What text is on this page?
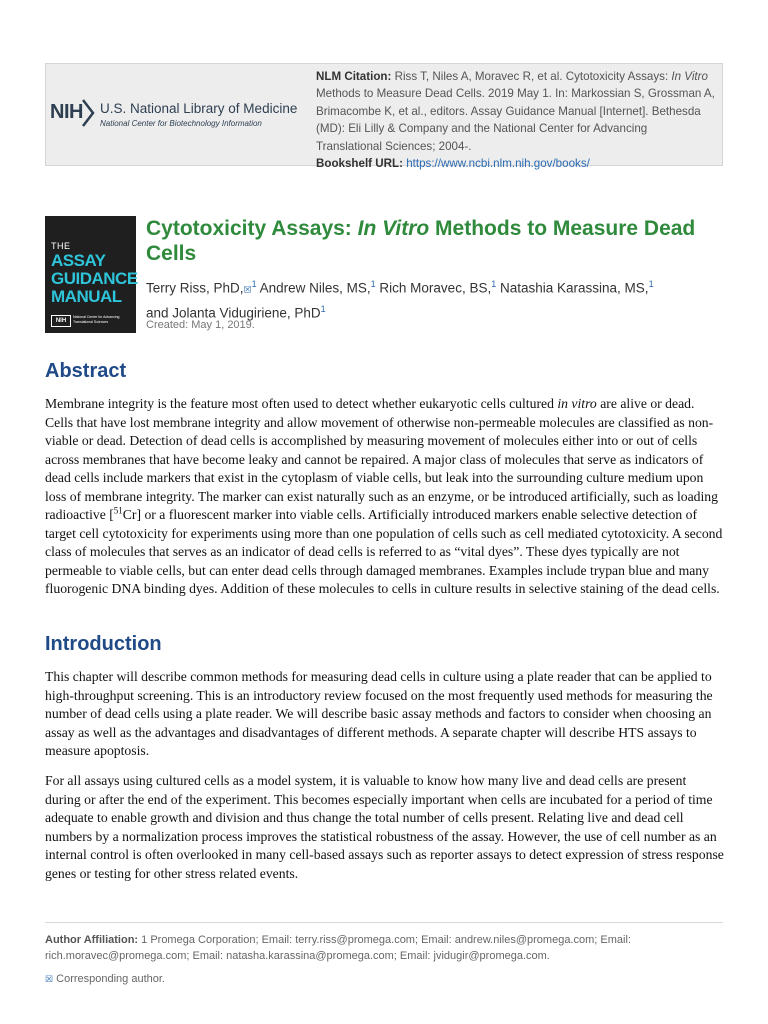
NIH	U.S. National Library of Medicine
National Center for Biotechnology Information
NLM Citation: Riss T, Niles A, Moravec R, et al. Cytotoxicity Assays: In Vitro Methods to Measure Dead Cells. 2019 May 1. In: Markossian S, Grossman A, Brimacombe K, et al., editors. Assay Guidance Manual [Internet]. Bethesda (MD): Eli Lilly & Company and the National Center for Advancing Translational Sciences; 2004-.
Bookshelf URL: https://www.ncbi.nlm.nih.gov/books/
THE
ASSAY
GUIDANCE
MANUAL
NIH
National Center for Advancing Translational Sciences
Cytotoxicity Assays: In Vitro Methods to Measure Dead Cells
Terry Riss, PhD,☒$^1$ Andrew Niles, MS,$^1$ Rich Moravec, BS,$^1$ Natashia Karassina, MS,$^1$
and Jolanta Vidugiriene, PhD$^1$
Created: May 1, 2019.
Abstract

Membrane integrity is the feature most often used to detect whether eukaryotic cells cultured in vitro are alive or dead. Cells that have lost membrane integrity and allow movement of otherwise non-permeable molecules are classified as non-viable or dead. Detection of dead cells is accomplished by measuring movement of molecules either into or out of cells across membranes that have become leaky and cannot be repaired. A major class of molecules that serve as indicators of dead cells include markers that exist in the cytoplasm of viable cells, but leak into the surrounding culture medium upon loss of membrane integrity. The marker can exist naturally such as an enzyme, or be introduced artificially, such as loading radioactive [$^{51}$Cr] or a fluorescent marker into viable cells. Artificially introduced markers enable selective detection of target cell cytotoxicity for experiments using more than one population of cells such as cell mediated cytotoxicity. A second class of molecules that serves as an indicator of dead cells is referred to as “vital dyes”. These dyes typically are not permeable to viable cells, but can enter dead cells through damaged membranes. Examples include trypan blue and many fluorogenic DNA binding dyes. Addition of these molecules to cells in culture results in selective staining of the dead cells.

Introduction

This chapter will describe common methods for measuring dead cells in culture using a plate reader that can be applied to high-throughput screening. This is an introductory review focused on the most frequently used methods for measuring the number of dead cells using a plate reader. We will describe basic assay methods and factors to consider when choosing an assay as well as the advantages and disadvantages of different methods. A separate chapter will describe HTS assays to measure apoptosis.

For all assays using cultured cells as a model system, it is valuable to know how many live and dead cells are present during or after the end of the experiment. This becomes especially important when cells are incubated for a period of time adequate to enable growth and division and thus change the total number of cells present. Relating live and dead cell numbers by a normalization process improves the statistical robustness of the assay. However, the use of cell number as an internal control is often overlooked in many cell-based assays such as reporter assays to detect expression of stress response genes or testing for other stress related events.

Author Affiliation: 1 Promega Corporation; Email: terry.riss@promega.com; Email: andrew.niles@promega.com; Email: rich.moravec@promega.com; Email: natasha.karassina@promega.com; Email: jvidugir@promega.com.
☒ Corresponding author.
